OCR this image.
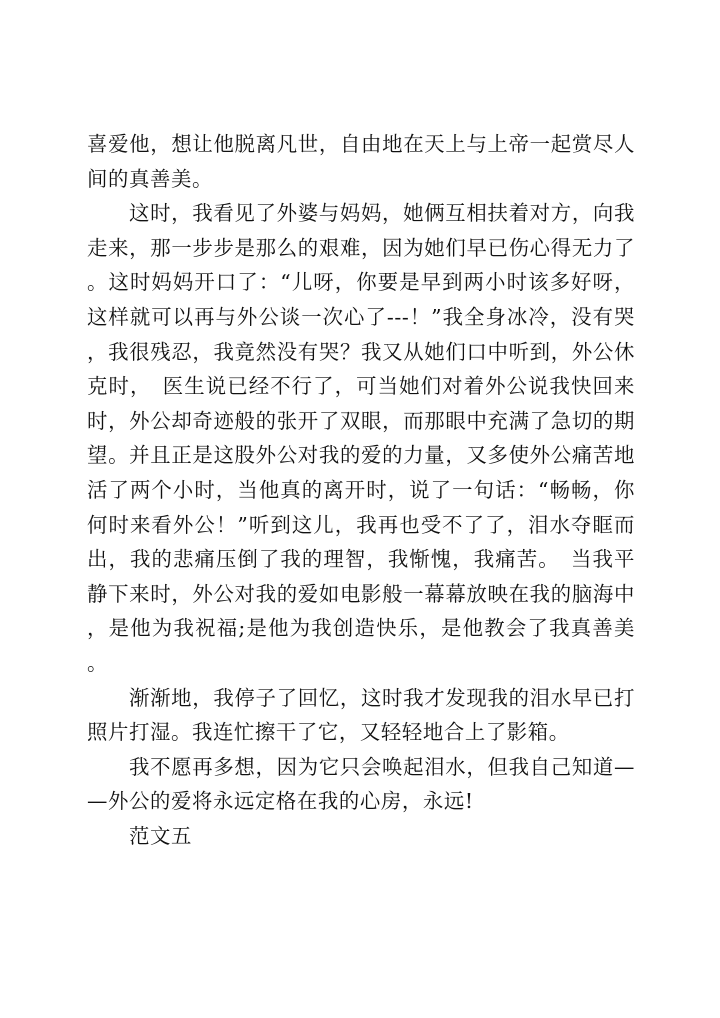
喜爱他，想让他脱离凡世，自由地在天上与上帝一起赏尽人间的真善美。

这时，我看见了外婆与妈妈，她俩互相扶着对方，向我走来，那一步步是那么的艰难，因为她们早已伤心得无力了。这时妈妈开口了：“儿呀，你要是早到两小时该多好呀，这样就可以再与外公谈一次心了---！”我全身冰冷，没有哭，我很残忍，我竟然没有哭？我又从她们口中听到，外公休克时，　医生说已经不行了，可当她们对着外公说我快回来时，外公却奇迹般的张开了双眼，而那眼中充满了急切的期望。并且正是这股外公对我的爱的力量，又多使外公痛苦地活了两个小时，当他真的离开时，说了一句话：“畅畅，你何时来看外公！”听到这儿，我再也受不了了，泪水夺眶而出，我的悲痛压倒了我的理智，我惭愧，我痛苦。　当我平静下来时，外公对我的爱如电影般一幕幕放映在我的脑海中，是他为我祝福;是他为我创造快乐，是他教会了我真善美。

渐渐地，我停子了回忆，这时我才发现我的泪水早已打照片打湿。我连忙擦干了它，又轻轻地合上了影箱。

我不愿再多想，因为它只会唤起泪水，但我自己知道——外公的爱将永远定格在我的心房，永远!

范文五
